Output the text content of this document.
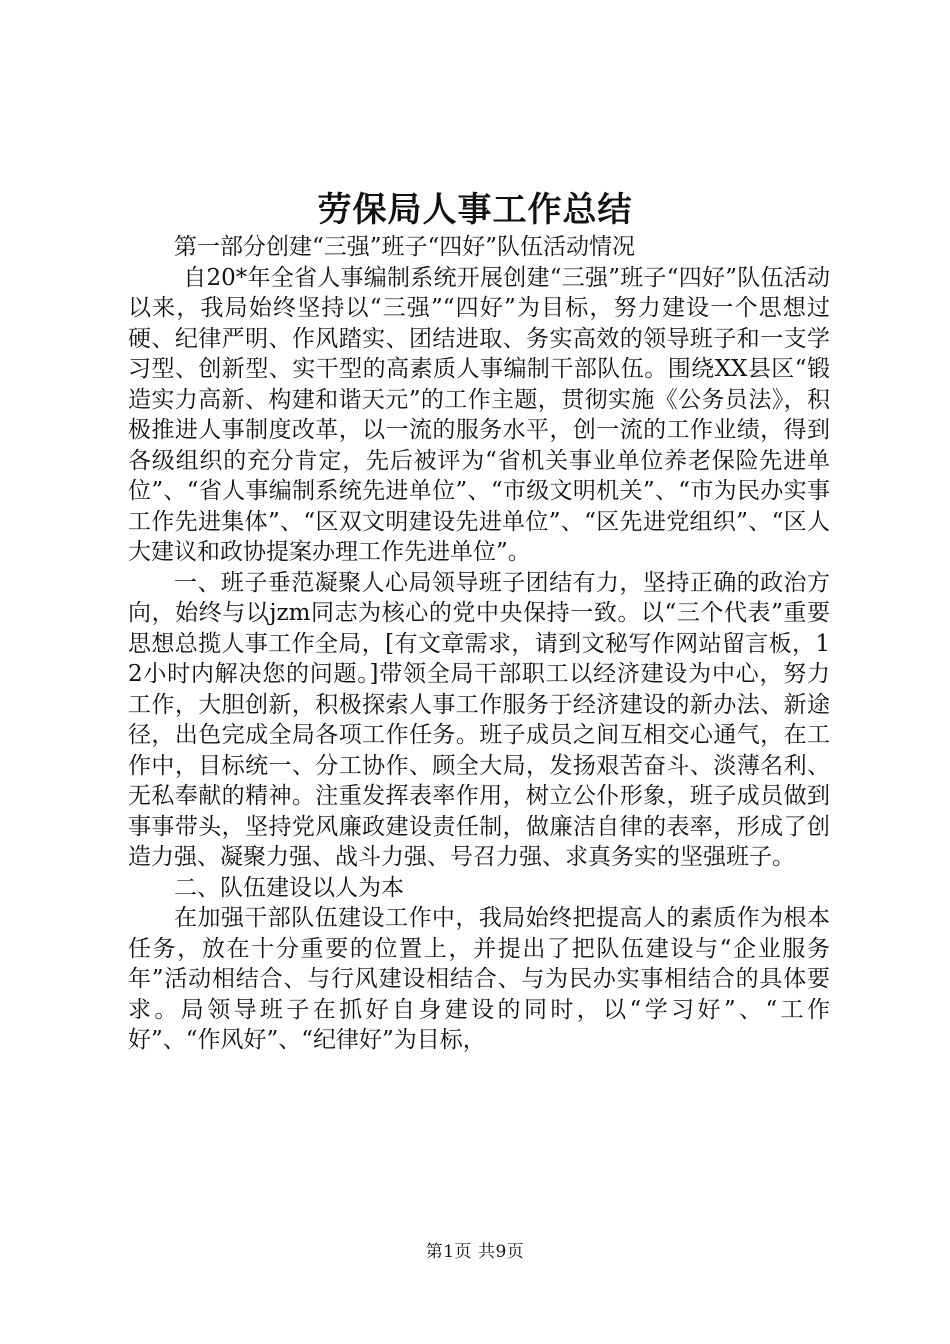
劳保局人事工作总结

第一部分创建“三强”班子“四好”队伍活动情况

自20*年全省人事编制系统开展创建“三强”班子“四好”队伍活动以来，我局始终坚持以“三强”“四好”为目标，努力建设一个思想过硬、纪律严明、作风踏实、团结进取、务实高效的领导班子和一支学习型、创新型、实干型的高素质人事编制干部队伍。围绕XX县区“锻造实力高新、构建和谐天元”的工作主题，贯彻实施《公务员法》，积极推进人事制度改革，以一流的服务水平，创一流的工作业绩，得到各级组织的充分肯定，先后被评为“省机关事业单位养老保险先进单位”、“省人事编制系统先进单位”、“市级文明机关”、“市为民办实事工作先进集体”、“区双文明建设先进单位”、“区先进党组织”、“区人大建议和政协提案办理工作先进单位”。

一、班子垂范凝聚人心局领导班子团结有力，坚持正确的政治方向，始终与以jzm同志为核心的党中央保持一致。以“三个代表”重要思想总揽人事工作全局，[有文章需求，请到文秘写作网站留言板，12小时内解决您的问题。]带领全局干部职工以经济建设为中心，努力工作，大胆创新，积极探索人事工作服务于经济建设的新办法、新途径，出色完成全局各项工作任务。班子成员之间互相交心通气，在工作中，目标统一、分工协作、顾全大局，发扬艰苦奋斗、淡薄名利、无私奉献的精神。注重发挥表率作用，树立公仆形象，班子成员做到事事带头，坚持党风廉政建设责任制，做廉洁自律的表率，形成了创造力强、凝聚力强、战斗力强、号召力强、求真务实的坚强班子。

二、队伍建设以人为本

在加强干部队伍建设工作中，我局始终把提高人的素质作为根本任务，放在十分重要的位置上，并提出了把队伍建设与“企业服务年”活动相结合、与行风建设相结合、与为民办实事相结合的具体要求。局领导班子在抓好自身建设的同时，以“学习好”、“工作好”、“作风好”、“纪律好”为目标，

第1页 共9页
